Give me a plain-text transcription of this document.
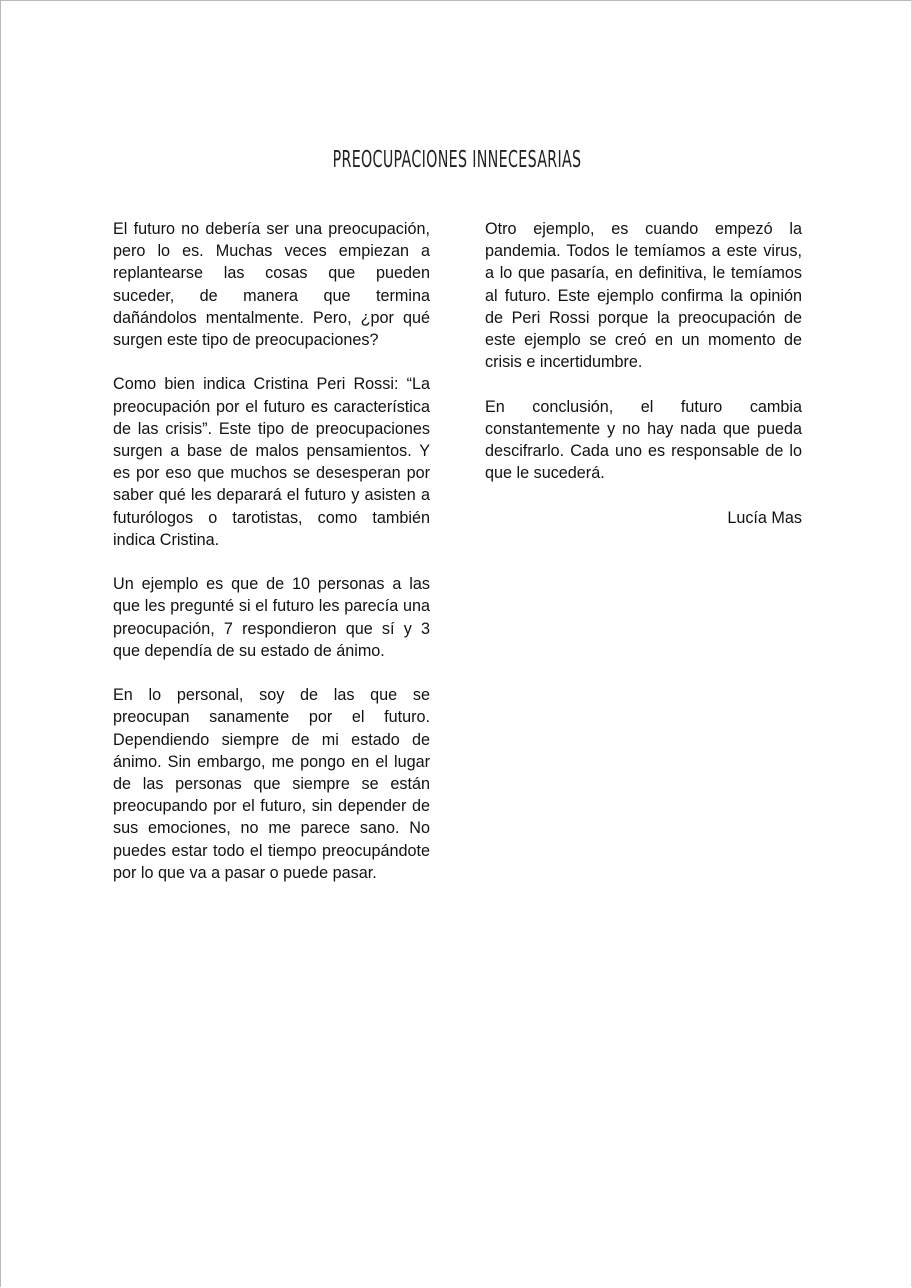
PREOCUPACIONES INNECESARIAS

El futuro no debería ser una preocupación, pero lo es. Muchas veces empiezan a replantearse las cosas que pueden suceder, de manera que termina dañándolos mentalmente. Pero, ¿por qué surgen este tipo de preocupaciones?

Como bien indica Cristina Peri Rossi: “La preocupación por el futuro es característica de las crisis”. Este tipo de preocupaciones surgen a base de malos pensamientos. Y es por eso que muchos se desesperan por saber qué les deparará el futuro y asisten a futurólogos o tarotistas, como también indica Cristina.

Un ejemplo es que de 10 personas a las que les pregunté si el futuro les parecía una preocupación, 7 respondieron que sí y 3 que dependía de su estado de ánimo.

En lo personal, soy de las que se preocupan sanamente por el futuro. Dependiendo siempre de mi estado de ánimo. Sin embargo, me pongo en el lugar de las personas que siempre se están preocupando por el futuro, sin depender de sus emociones, no me parece sano. No puedes estar todo el tiempo preocupándote por lo que va a pasar o puede pasar.

Otro ejemplo, es cuando empezó la pandemia. Todos le temíamos a este virus, a lo que pasaría, en definitiva, le temíamos al futuro. Este ejemplo confirma la opinión de Peri Rossi porque la preocupación de este ejemplo se creó en un momento de crisis e incertidumbre.

En conclusión, el futuro cambia constantemente y no hay nada que pueda descifrarlo. Cada uno es responsable de lo que le sucederá.

Lucía Mas
